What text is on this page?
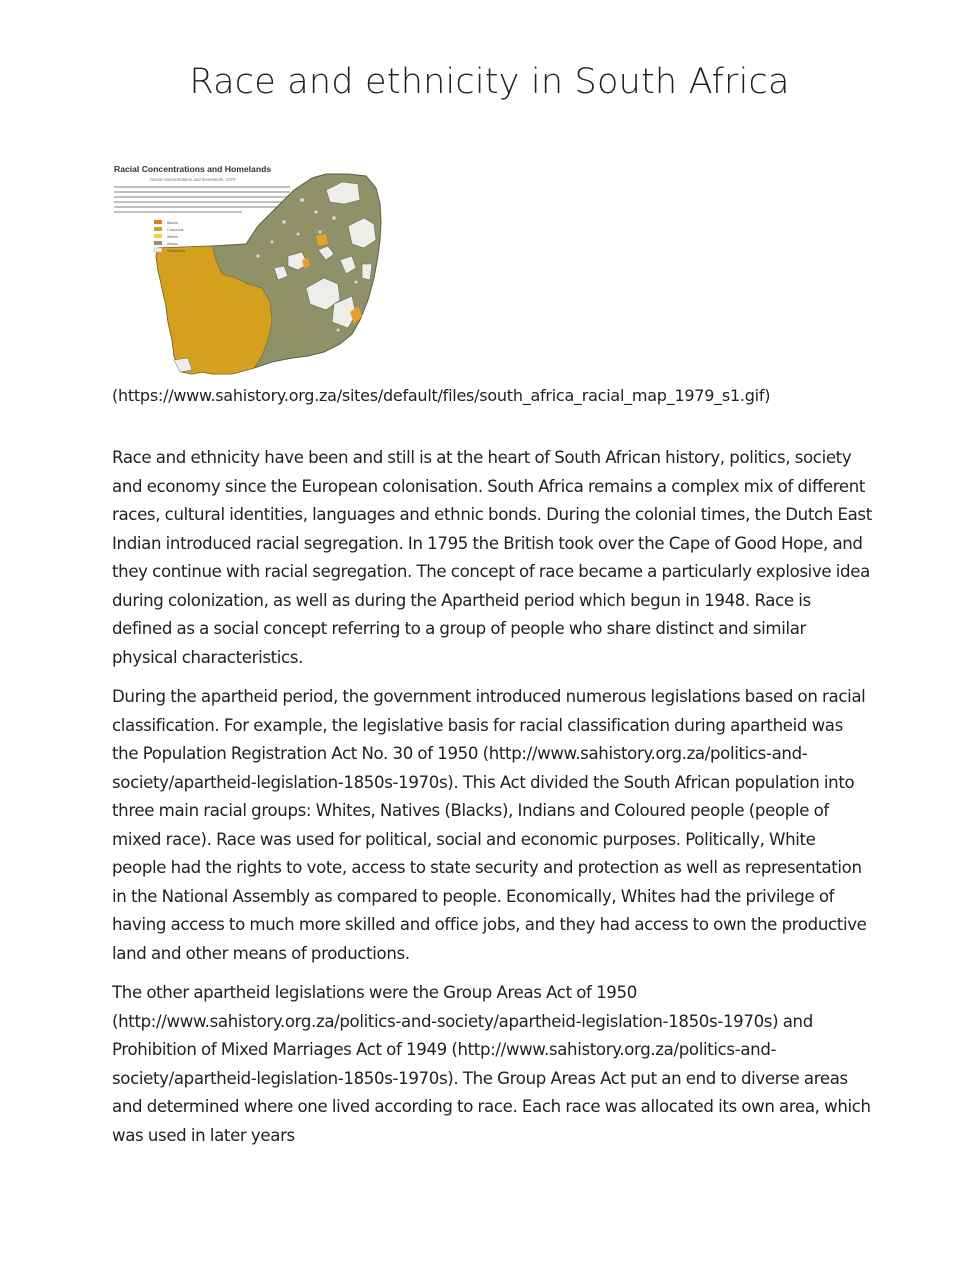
Race and ethnicity in South Africa
Racial Concentrations and Homelands
Racial concentrations and homelands, 1979
Blacks
Coloureds
Whites
Asians
Homelands
(https://www.sahistory.org.za/sites/default/files/south_africa_racial_map_1979_s1.gif)

Race and ethnicity have been and still is at the heart of South African history, politics, society and economy since the European colonisation. South Africa remains a complex mix of different races, cultural identities, languages and ethnic bonds. During the colonial times, the Dutch East Indian introduced racial segregation. In 1795 the British took over the Cape of Good Hope, and they continue with racial segregation. The concept of race became a particularly explosive idea during colonization, as well as during the Apartheid period which begun in 1948. Race is defined as a social concept referring to a group of people who share distinct and similar physical characteristics.

During the apartheid period, the government introduced numerous legislations based on racial classification. For example, the legislative basis for racial classification during apartheid was the Population Registration Act No. 30 of 1950 (http://www.sahistory.org.za/politics-and-society/apartheid-legislation-1850s-1970s). This Act divided the South African population into three main racial groups: Whites, Natives (Blacks), Indians and Coloured people (people of mixed race). Race was used for political, social and economic purposes. Politically, White people had the rights to vote, access to state security and protection as well as representation in the National Assembly as compared to people. Economically, Whites had the privilege of having access to much more skilled and office jobs, and they had access to own the productive land and other means of productions.

The other apartheid legislations were the Group Areas Act of 1950 (http://www.sahistory.org.za/politics-and-society/apartheid-legislation-1850s-1970s) and Prohibition of Mixed Marriages Act of 1949 (http://www.sahistory.org.za/politics-and-society/apartheid-legislation-1850s-1970s). The Group Areas Act put an end to diverse areas and determined where one lived according to race. Each race was allocated its own area, which was used in later years
